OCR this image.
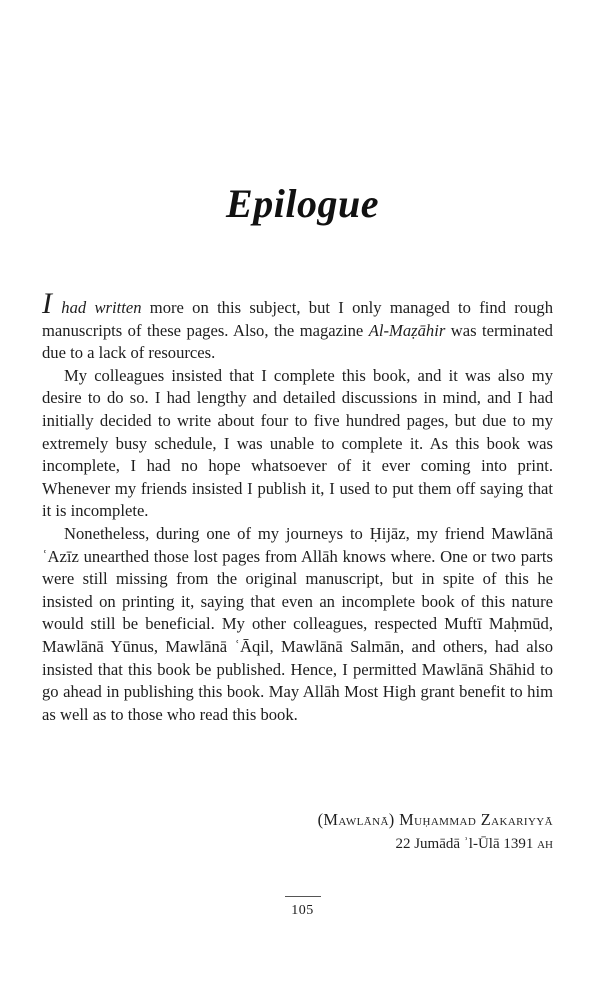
Epilogue

I had written more on this subject, but I only managed to find rough manuscripts of these pages. Also, the magazine Al-Maẓāhir was terminated due to a lack of resources.

My colleagues insisted that I complete this book, and it was also my desire to do so. I had lengthy and detailed discussions in mind, and I had initially decided to write about four to five hundred pages, but due to my extremely busy schedule, I was unable to complete it. As this book was incomplete, I had no hope whatsoever of it ever coming into print. Whenever my friends insisted I publish it, I used to put them off saying that it is incomplete.

Nonetheless, during one of my journeys to Ḥijāz, my friend Mawlānā ʿAzīz unearthed those lost pages from Allāh knows where. One or two parts were still missing from the original manuscript, but in spite of this he insisted on printing it, saying that even an incomplete book of this nature would still be beneficial. My other colleagues, respected Muftī Maḥmūd, Mawlānā Yūnus, Mawlānā ʿĀqil, Mawlānā Salmān, and others, had also insisted that this book be published. Hence, I permitted Mawlānā Shāhid to go ahead in publishing this book. May Allāh Most High grant benefit to him as well as to those who read this book.

(Mawlānā) Muḥammad Zakariyyā
22 Jumādā ʾl-Ūlā 1391 ah
105
